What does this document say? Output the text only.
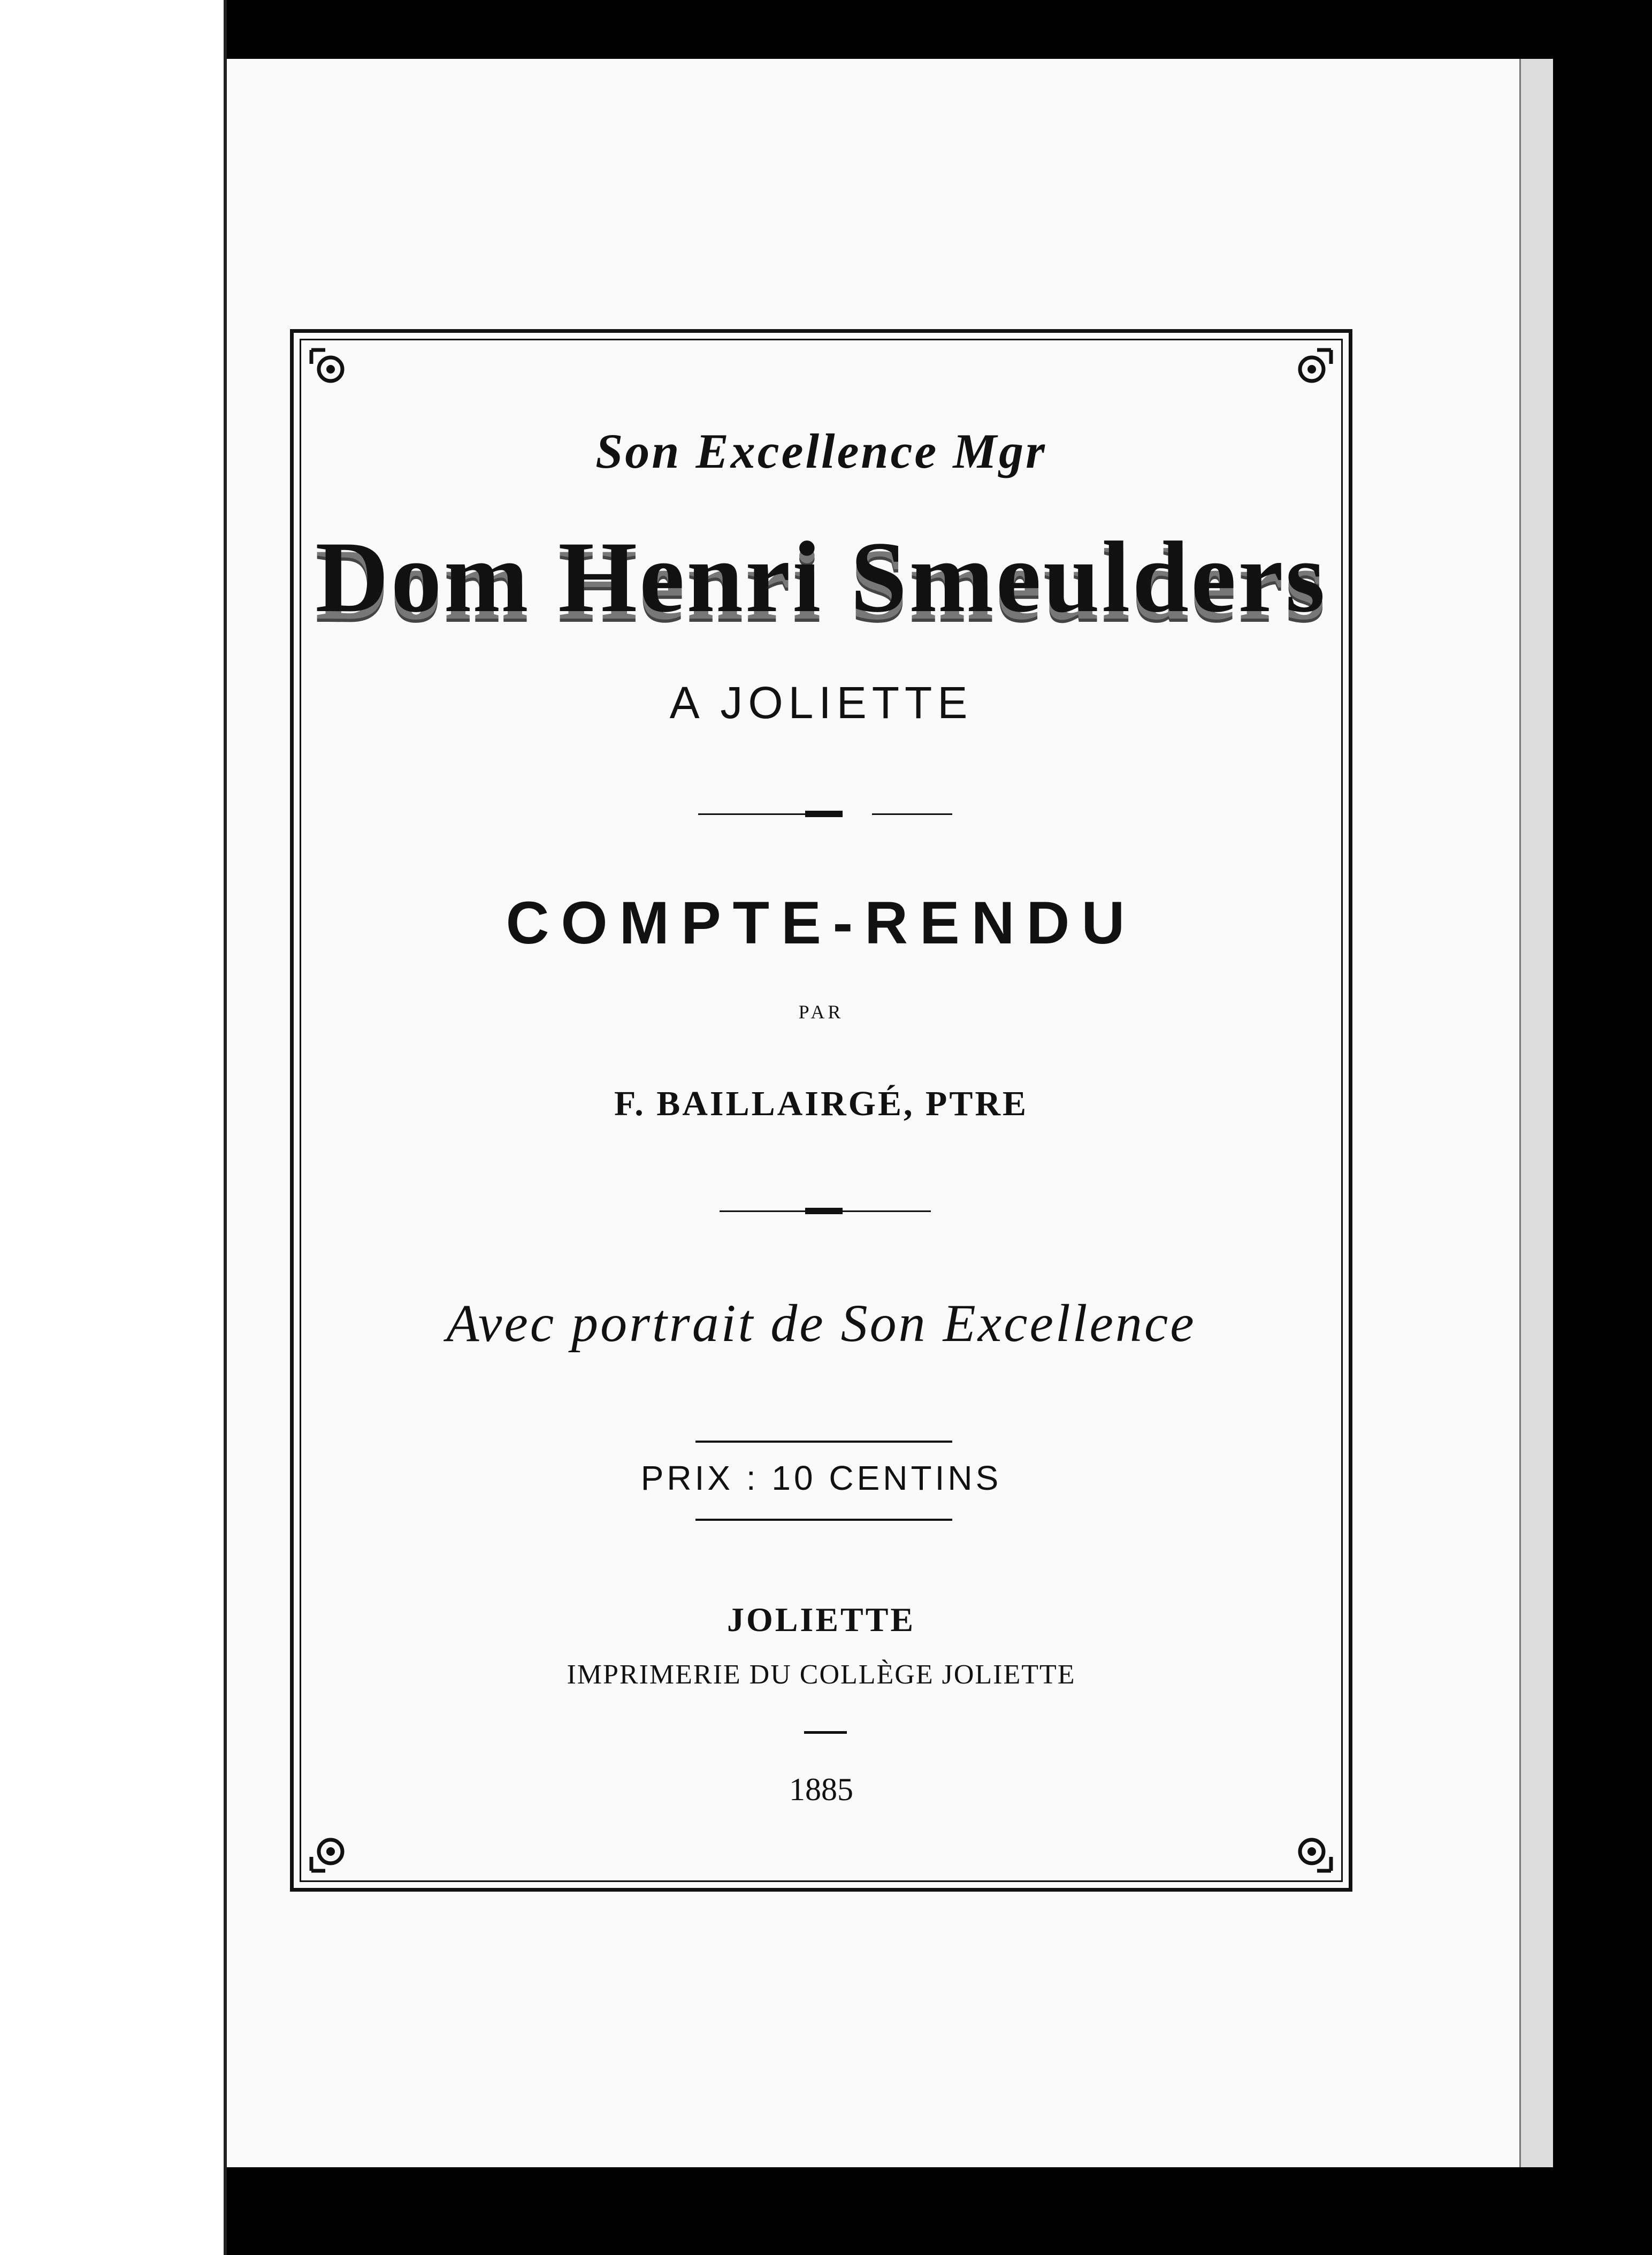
Son Excellence Mgr
Dom Henri Smeulders
A JOLIETTE
COMPTE-RENDU
PAR
F. BAILLAIRGÉ, PTRE
Avec portrait de Son Excellence
PRIX : 10 CENTINS
JOLIETTE
IMPRIMERIE DU COLLÈGE JOLIETTE
1885
